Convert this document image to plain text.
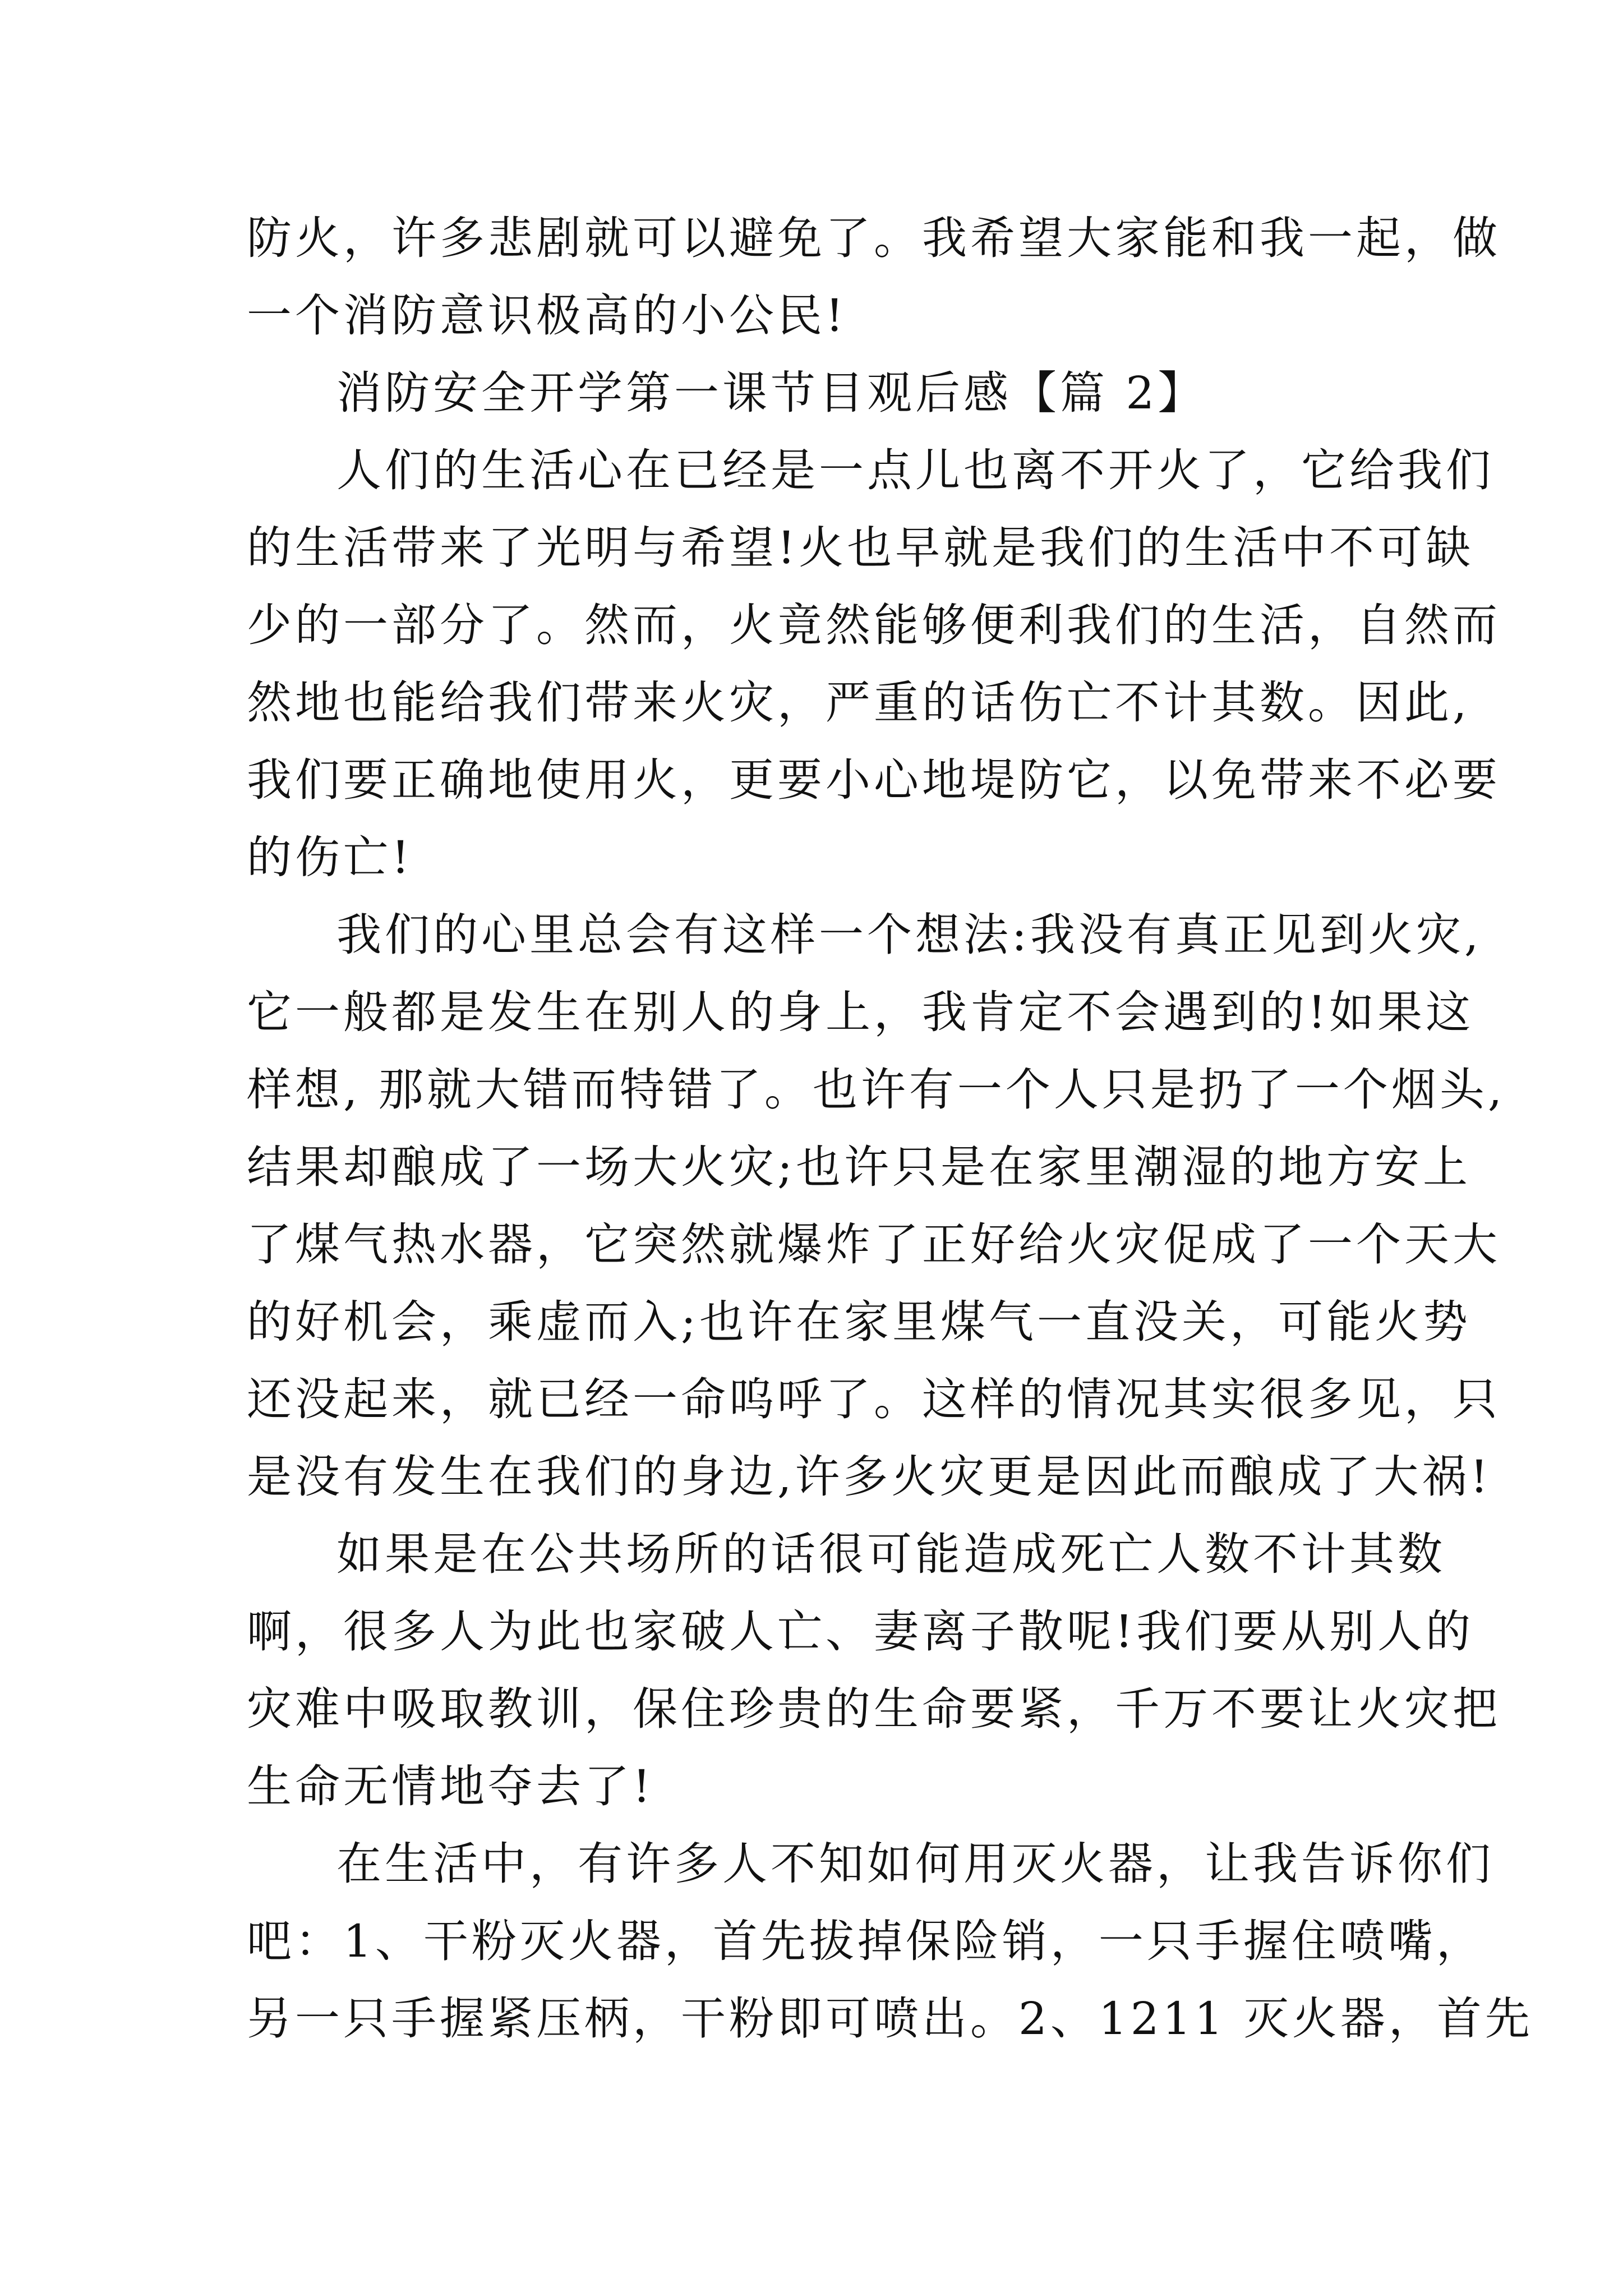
防火，许多悲剧就可以避免了。我希望大家能和我一起，做
一个消防意识极高的小公民!
消防安全开学第一课节目观后感【篇 2】
人们的生活心在已经是一点儿也离不开火了，它给我们
的生活带来了光明与希望!火也早就是我们的生活中不可缺
少的一部分了。然而，火竟然能够便利我们的生活，自然而
然地也能给我们带来火灾，严重的话伤亡不计其数。因此,
我们要正确地使用火，更要小心地堤防它，以免带来不必要
的伤亡!
我们的心里总会有这样一个想法:我没有真正见到火灾,
它一般都是发生在别人的身上，我肯定不会遇到的!如果这
样想, 那就大错而特错了。也许有一个人只是扔了一个烟头,
结果却酿成了一场大火灾;也许只是在家里潮湿的地方安上
了煤气热水器，它突然就爆炸了正好给火灾促成了一个天大
的好机会，乘虚而入;也许在家里煤气一直没关，可能火势
还没起来，就已经一命呜呼了。这样的情况其实很多见，只
是没有发生在我们的身边,许多火灾更是因此而酿成了大祸!
如果是在公共场所的话很可能造成死亡人数不计其数
啊，很多人为此也家破人亡、妻离子散呢!我们要从别人的
灾难中吸取教训，保住珍贵的生命要紧，千万不要让火灾把
生命无情地夺去了!
在生活中，有许多人不知如何用灭火器，让我告诉你们
吧：1、干粉灭火器，首先拔掉保险销，一只手握住喷嘴，
另一只手握紧压柄，干粉即可喷出。2、1211 灭火器，首先
